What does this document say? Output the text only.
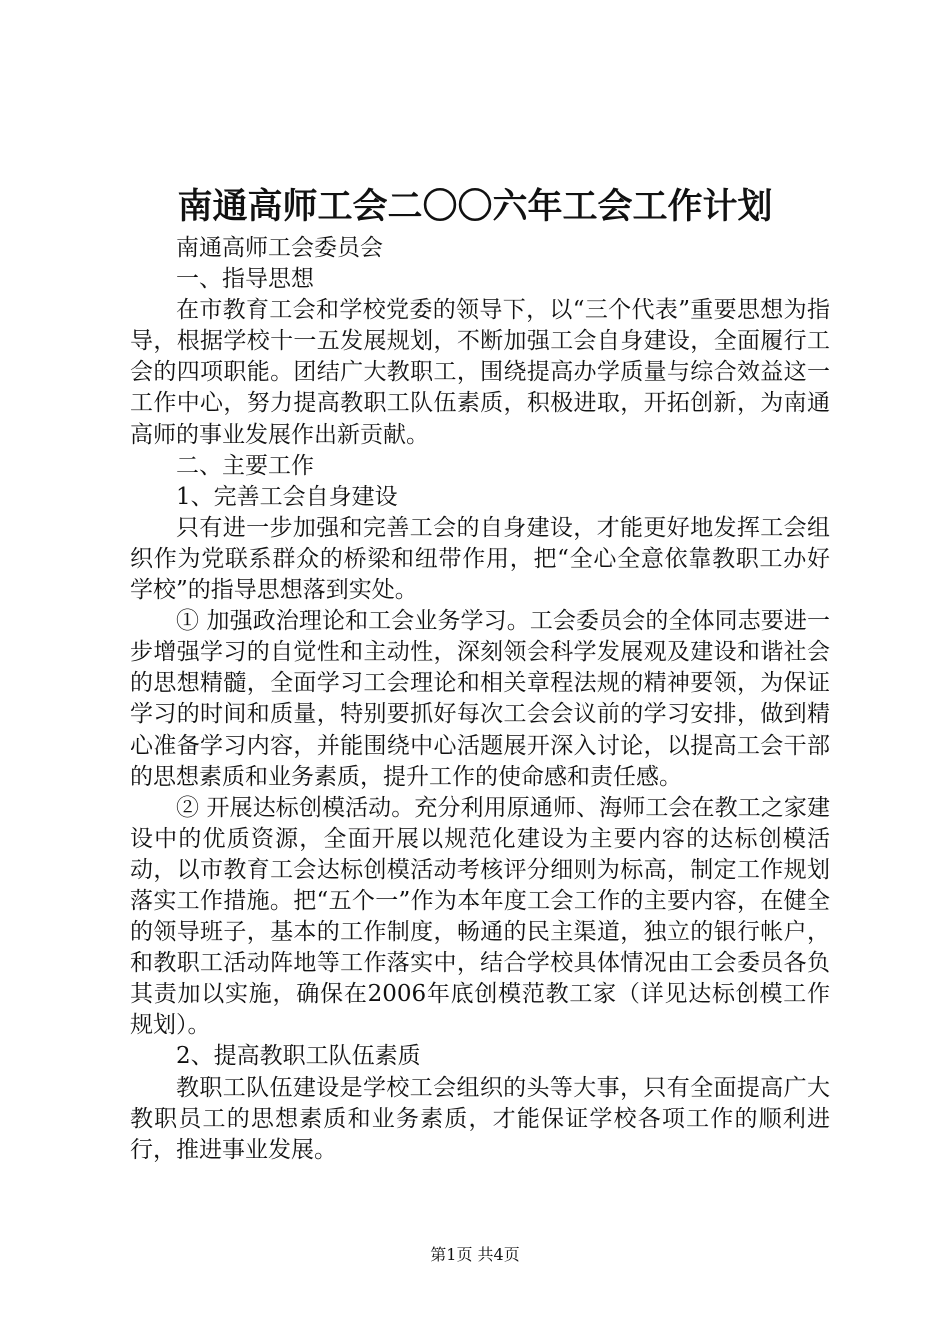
南通高师工会二〇〇六年工会工作计划

南通高师工会委员会

一、指导思想

在市教育工会和学校党委的领导下，以“三个代表”重要思想为指导，根据学校十一五发展规划，不断加强工会自身建设，全面履行工会的四项职能。团结广大教职工，围绕提高办学质量与综合效益这一工作中心，努力提高教职工队伍素质，积极进取，开拓创新，为南通高师的事业发展作出新贡献。

二、主要工作

1、完善工会自身建设

只有进一步加强和完善工会的自身建设，才能更好地发挥工会组织作为党联系群众的桥梁和纽带作用，把“全心全意依靠教职工办好学校”的指导思想落到实处。

① 加强政治理论和工会业务学习。工会委员会的全体同志要进一步增强学习的自觉性和主动性，深刻领会科学发展观及建设和谐社会的思想精髓，全面学习工会理论和相关章程法规的精神要领，为保证学习的时间和质量，特别要抓好每次工会会议前的学习安排，做到精心准备学习内容，并能围绕中心活题展开深入讨论，以提高工会干部的思想素质和业务素质，提升工作的使命感和责任感。

② 开展达标创模活动。充分利用原通师、海师工会在教工之家建设中的优质资源，全面开展以规范化建设为主要内容的达标创模活动，以市教育工会达标创模活动考核评分细则为标高，制定工作规划落实工作措施。把“五个一”作为本年度工会工作的主要内容，在健全的领导班子，基本的工作制度，畅通的民主渠道，独立的银行帐户，和教职工活动阵地等工作落实中，结合学校具体情况由工会委员各负其责加以实施，确保在2006年底创模范教工家（详见达标创模工作规划）。

2、提高教职工队伍素质

教职工队伍建设是学校工会组织的头等大事，只有全面提高广大教职员工的思想素质和业务素质，才能保证学校各项工作的顺利进行，推进事业发展。

第1页 共4页
